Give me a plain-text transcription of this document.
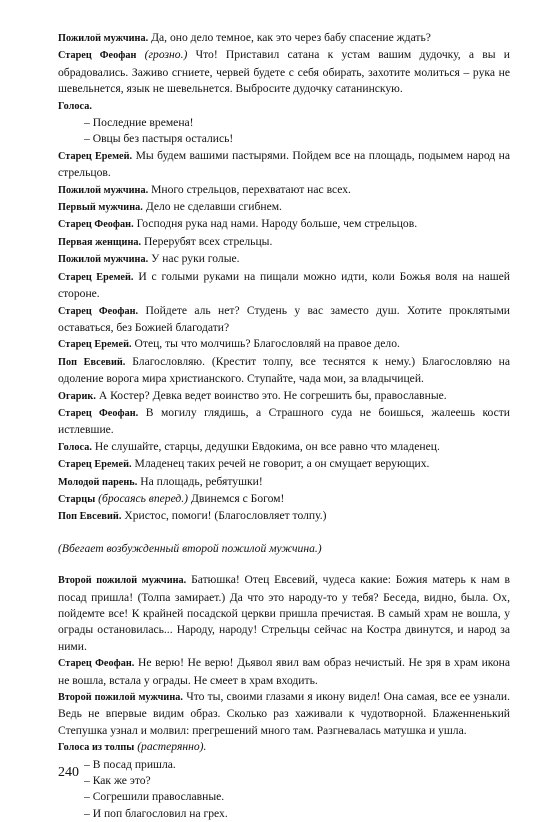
Пожилой мужчина. Да, оно дело темное, как это через бабу спасение ждать?

Старец Феофан (грозно.) Что! Приставил сатана к устам вашим дудочку, а вы и обрадовались. Заживо сгниете, червей будете с себя обирать, захотите молиться – рука не шевельнется, язык не шевельнется. Выбросите дудочку сатанинскую.

Голоса.

– Последние времена!

– Овцы без пастыря остались!

Старец Еремей. Мы будем вашими пастырями. Пойдем все на площадь, подымем народ на стрельцов.

Пожилой мужчина. Много стрельцов, перехватают нас всех.

Первый мужчина. Дело не сделавши сгибнем.

Старец Феофан. Господня рука над нами. Народу больше, чем стрельцов.

Первая женщина. Перерубят всех стрельцы.

Пожилой мужчина. У нас руки голые.

Старец Еремей. И с голыми руками на пищали можно идти, коли Божья воля на нашей стороне.

Старец Феофан. Пойдете аль нет? Студень у вас заместо душ. Хотите проклятыми оставаться, без Божией благодати?

Старец Еремей. Отец, ты что молчишь? Благословляй на правое дело.

Поп Евсевий. Благословляю. (Крестит толпу, все теснятся к нему.) Благословляю на одоление ворога мира христианского. Ступайте, чада мои, за владычицей.

Огарик. А Костер? Девка ведет воинство это. Не согрешить бы, православные.

Старец Феофан. В могилу глядишь, а Страшного суда не боишься, жалеешь кости истлевшие.

Голоса. Не слушайте, старцы, дедушки Евдокима, он все равно что младенец.

Старец Еремей. Младенец таких речей не говорит, а он смущает верующих.

Молодой парень. На площадь, ребятушки!

Старцы (бросаясь вперед.) Двинемся с Богом!

Поп Евсевий. Христос, помоги! (Благословляет толпу.)

(Вбегает возбужденный второй пожилой мужчина.)

Второй пожилой мужчина. Батюшка! Отец Евсевий, чудеса какие: Божия матерь к нам в посад пришла! (Толпа замирает.) Да что это народу-то у тебя? Беседа, видно, была. Ох, пойдемте все! К крайней посадской церкви пришла пречистая. В самый храм не вошла, у ограды остановилась... Народу, народу! Стрельцы сейчас на Костра двинутся, и народ за ними.

Старец Феофан. Не верю! Не верю! Дьявол явил вам образ нечистый. Не зря в храм икона не вошла, встала у ограды. Не смеет в храм входить.

Второй пожилой мужчина. Что ты, своими глазами я икону видел! Она самая, все ее узнали. Ведь не впервые видим образ. Сколько раз хаживали к чудотворной. Блаженненький Степушка узнал и молвил: прегрешений много там. Разгневалась матушка и ушла.

Голоса из толпы (растерянно).

– В посад пришла.

– Как же это?

– Согрешили православные.

– И поп благословил на грех.

240
